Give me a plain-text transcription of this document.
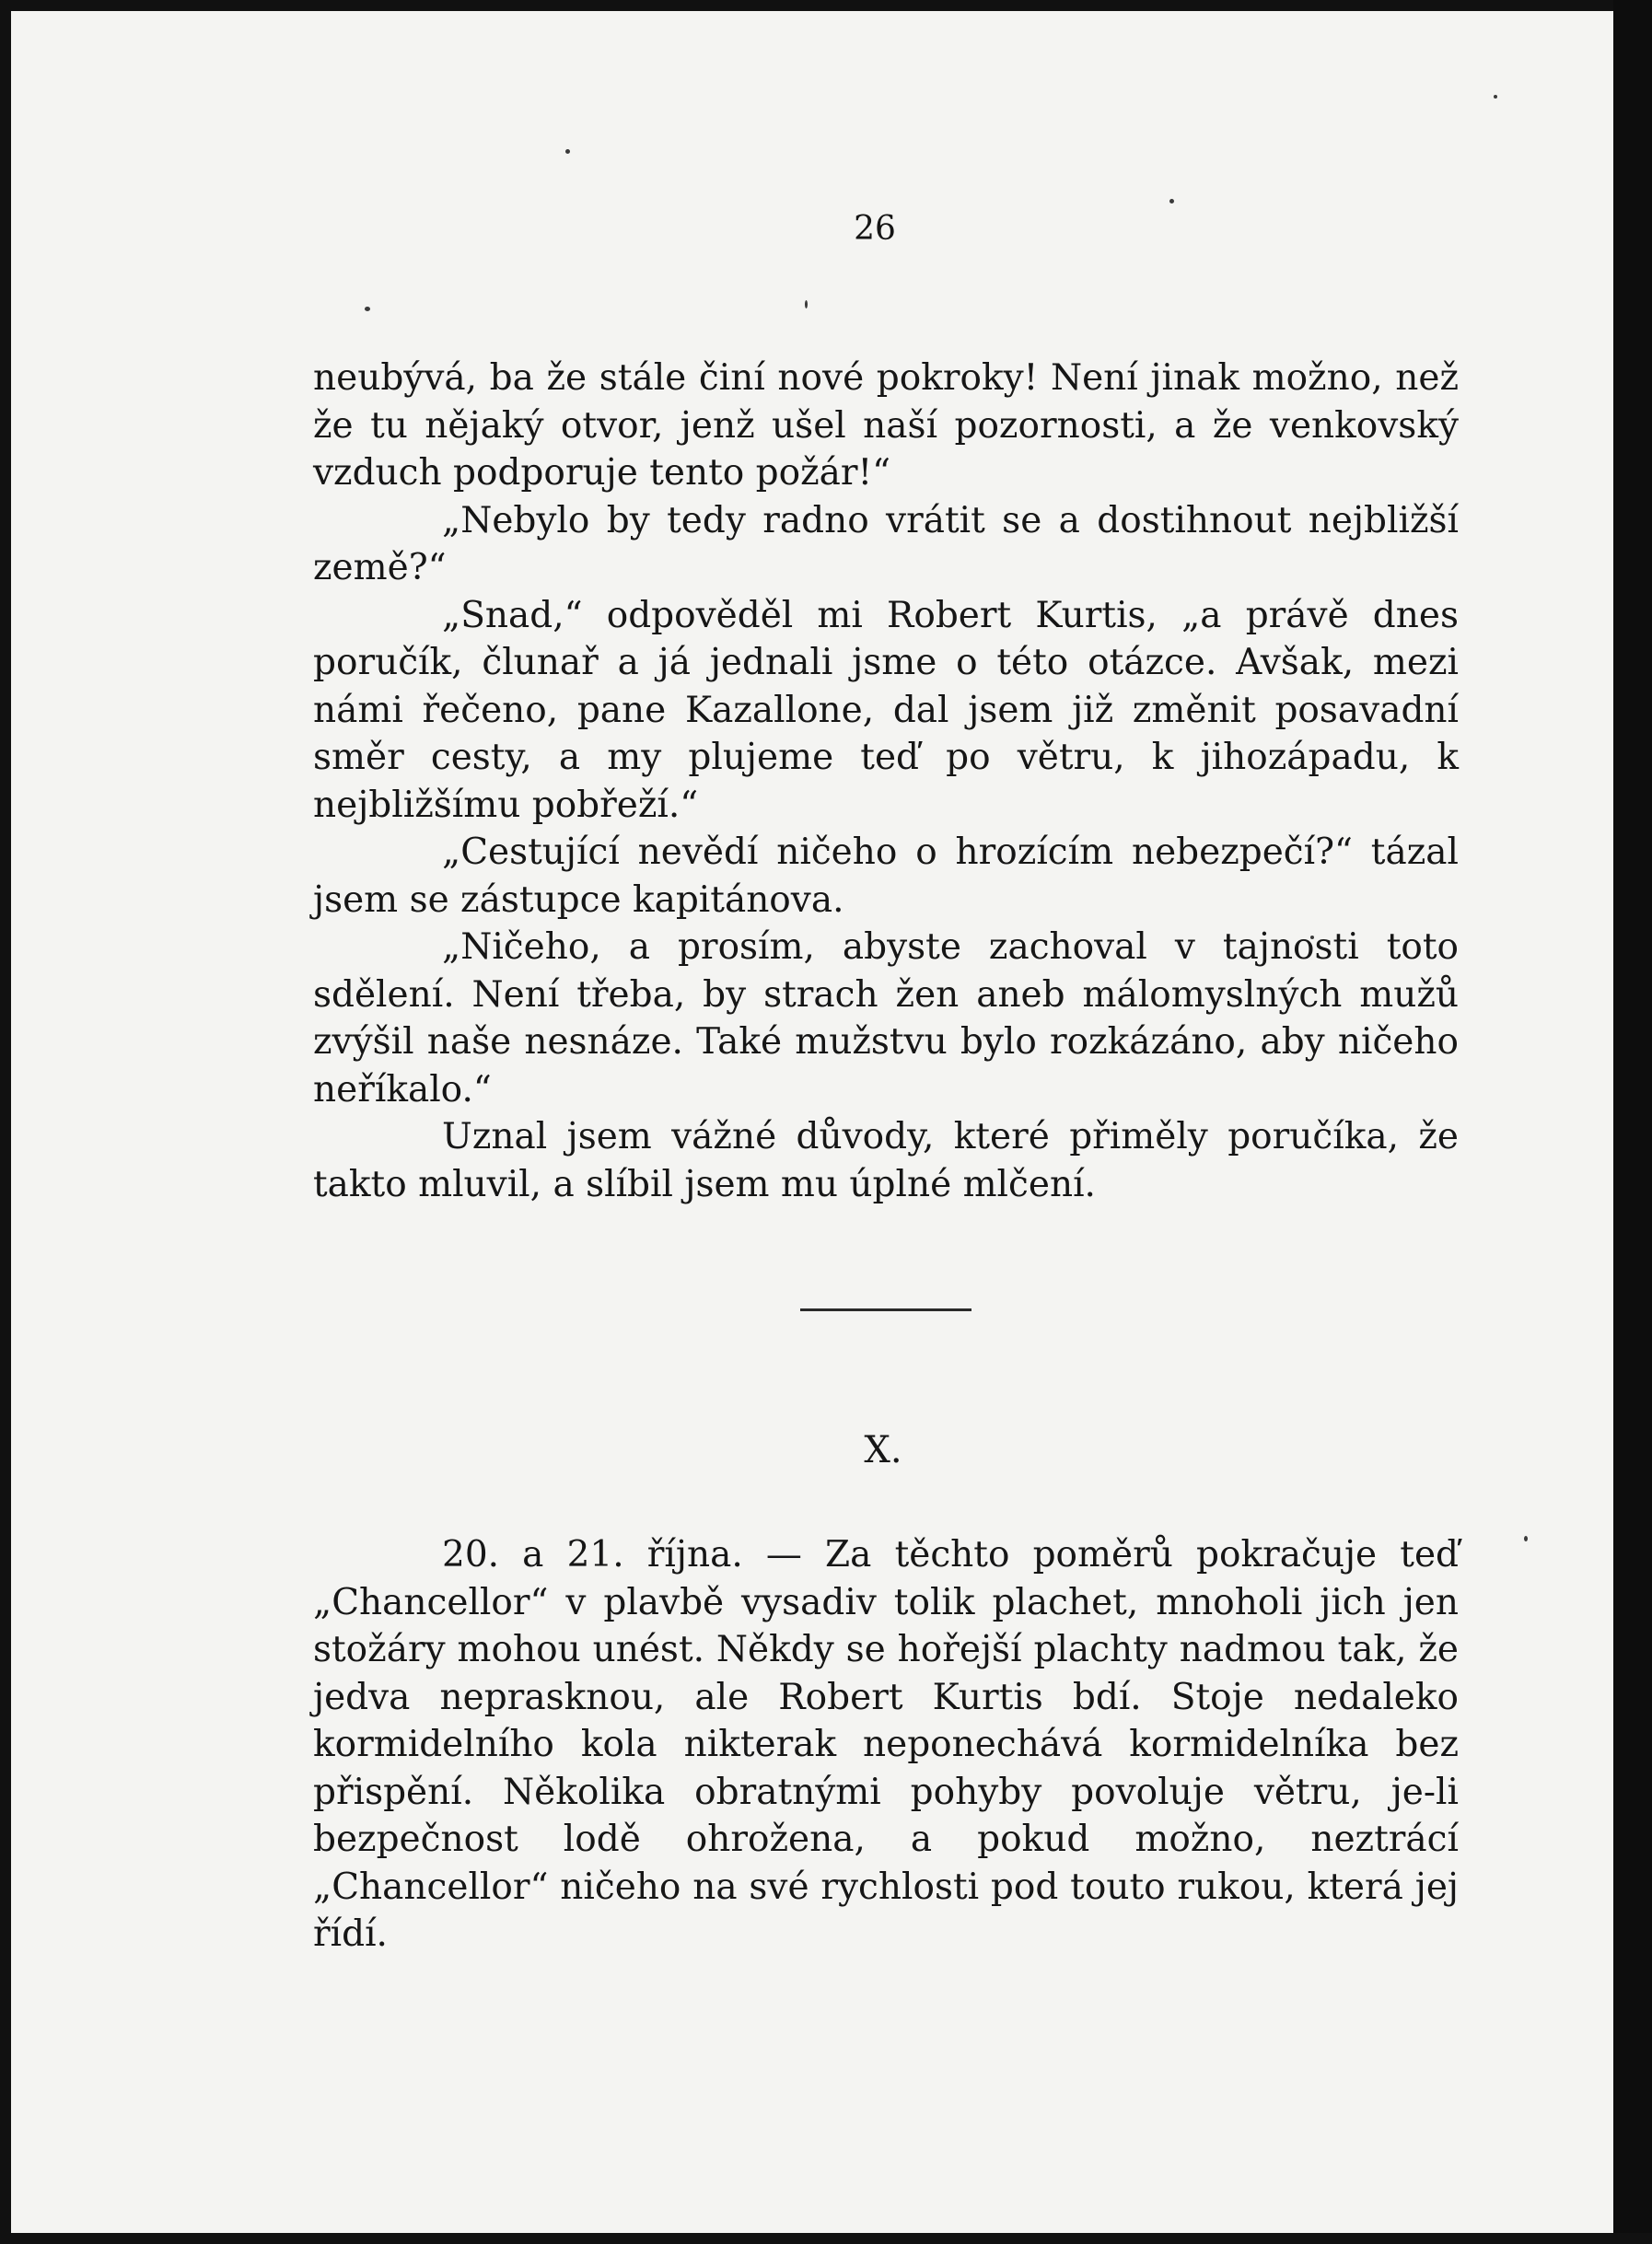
26

neubývá, ba že stále činí nové pokroky! Není jinak možno, než že tu nějaký otvor, jenž ušel naší pozornosti, a že venkovský vzduch podporuje tento požár!“

„Nebylo by tedy radno vrátit se a dostihnout nejbližší země?“

„Snad,“ odpověděl mi Robert Kurtis, „a právě dnes poručík, člunař a já jednali jsme o této otázce. Avšak, mezi námi řečeno, pane Kazallone, dal jsem již změnit posavadní směr cesty, a my plujeme teď po větru, k jihozápadu, k nejbližšímu pobřeží.“

„Cestující nevědí ničeho o hrozícím nebezpečí?“ tázal jsem se zástupce kapitánova.

„Ničeho, a prosím, abyste zachoval v tajnosti toto sdělení. Není třeba, by strach žen aneb málomyslných mužů zvýšil naše nesnáze. Také mužstvu bylo rozkázáno, aby ničeho neříkalo.“

Uznal jsem vážné důvody, které přiměly poručíka, že takto mluvil, a slíbil jsem mu úplné mlčení.

X.

20. a 21. října. — Za těchto poměrů pokračuje teď „Chancellor“ v plavbě vysadiv tolik plachet, mnoholi jich jen stožáry mohou unést. Někdy se hořejší plachty nadmou tak, že jedva neprasknou, ale Robert Kurtis bdí. Stoje nedaleko kormidelního kola nikterak neponechává kormidelníka bez přispění. Několika obratnými pohyby povoluje větru, je-li bezpečnost lodě ohrožena, a pokud možno, neztrácí „Chancellor“ ničeho na své rychlosti pod touto rukou, která jej řídí.
